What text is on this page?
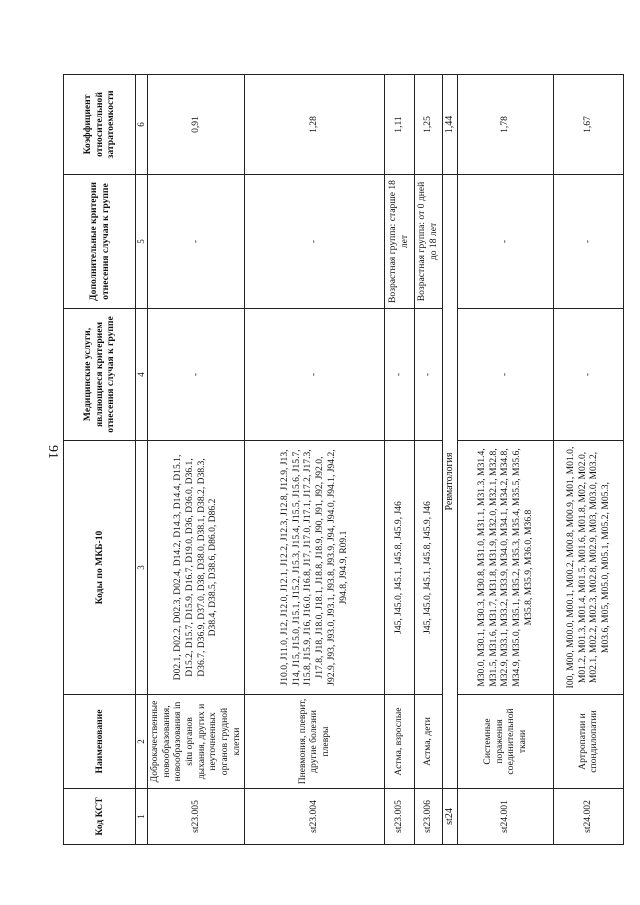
91
Код КСТ	Наименование	Коды по МКБ-10	Медицинские услуги, являющиеся критерием отнесения случая к группе	Дополнительные критерии отнесения случая к группе	Коэффициент относительной затратоемкости
1	2	3	4	5	6
st23.005	Доброкачественные новообразования, новообразования in situ органов дыхания, других и неуточненных органов грудной клетки	D02.1, D02.2, D02.3, D02.4, D14.2, D14.3, D14.4, D15.1, D15.2, D15.7, D15.9, D16.7, D19.0, D36, D36.0, D36.1, D36.7, D36.9, D37.0, D38, D38.0, D38.1, D38.2, D38.3, D38.4, D38.5, D38.6, D86.0, D86.2	-	-	0,91
st23.004	Пневмония, плеврит, другие болезни плевры	J10.0, J11.0, J12, J12.0, J12.1, J12.2, J12.3, J12.8, J12.9, J13, J14, J15, J15.0, J15.1, J15.2, J15.3, J15.4, J15.5, J15.6, J15.7, J15.8, J15.9, J16, J16.0, J16.8, J17, J17.0, J17.1, J17.2, J17.3, J17.8, J18, J18.0, J18.1, J18.8, J18.9, J90, J91, J92, J92.0, J92.9, J93, J93.0, J93.1, J93.8, J93.9, J94, J94.0, J94.1, J94.2, J94.8, J94.9, R09.1	-	-	1,28
st23.005	Астма, взрослые	J45, J45.0, J45.1, J45.8, J45.9, J46	-	Возрастная группа: старше 18 лет	1,11
st23.006	Астма, дети	J45, J45.0, J45.1, J45.8, J45.9, J46	-	Возрастная группа: от 0 дней до 18 лет	1,25
st24	Ревматология				1,44
st24.001	Системные поражения соединительной ткани	M30.0, M30.1, M30.3, M30.8, M31.0, M31.1, M31.3, M31.4, M31.5, M31.6, M31.7, M31.8, M31.9, M32.0, M32.1, M32.8, M32.9, M33.1, M33.2, M33.9, M34.0, M34.1, M34.2, M34.8, M34.9, M35.0, M35.1, M35.2, M35.3, M35.4, M35.5, M35.6, M35.8, M35.9, M36.0, M36.8	-	-	1,78
st24.002	Артропатии и спондилопатии	I00, M00, M00.0, M00.1, M00.2, M00.8, M00.9, M01, M01.0, M01.2, M01.3, M01.4, M01.5, M01.6, M01.8, M02, M02.0, M02.1, M02.2, M02.3, M02.8, M02.9, M03, M03.0, M03.2, M03.6, M05, M05.0, M05.1, M05.2, M05.3,	-	-	1,67
